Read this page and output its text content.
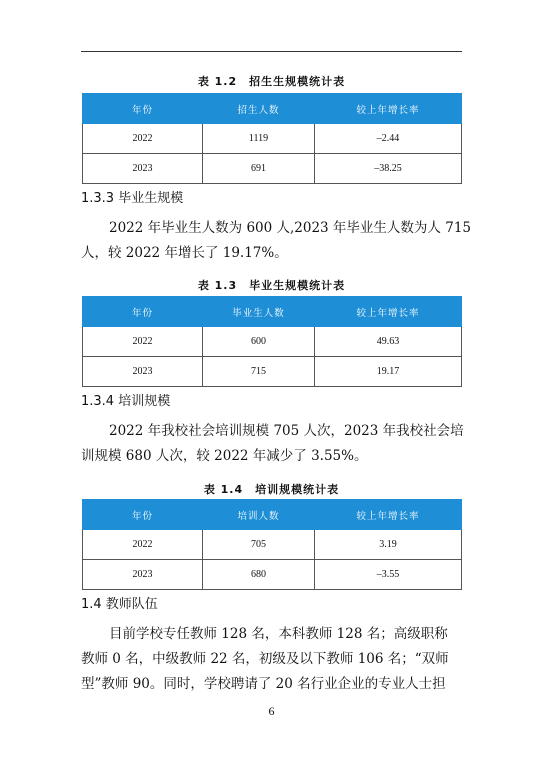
表 1.2　招生生规模统计表
年份	招生人数	较上年增长率
2022	1119	–2.44
2023	691	–38.25
1.3.3 毕业生规模
2022 年毕业生人数为 600 人,2023 年毕业生人数为人 715
人，较 2022 年增长了 19.17%。
表 1.3　毕业生规模统计表
年份	毕业生人数	较上年增长率
2022	600	49.63
2023	715	19.17
1.3.4 培训规模
2022 年我校社会培训规模 705 人次，2023 年我校社会培
训规模 680 人次，较 2022 年减少了 3.55%。
表 1.4　培训规模统计表
年份	培训人数	较上年增长率
2022	705	3.19
2023	680	–3.55
1.4 教师队伍
目前学校专任教师 128 名，本科教师 128 名；高级职称
教师 0 名，中级教师 22 名，初级及以下教师 106 名；“双师
型”教师 90。同时，学校聘请了 20 名行业企业的专业人士担
6
